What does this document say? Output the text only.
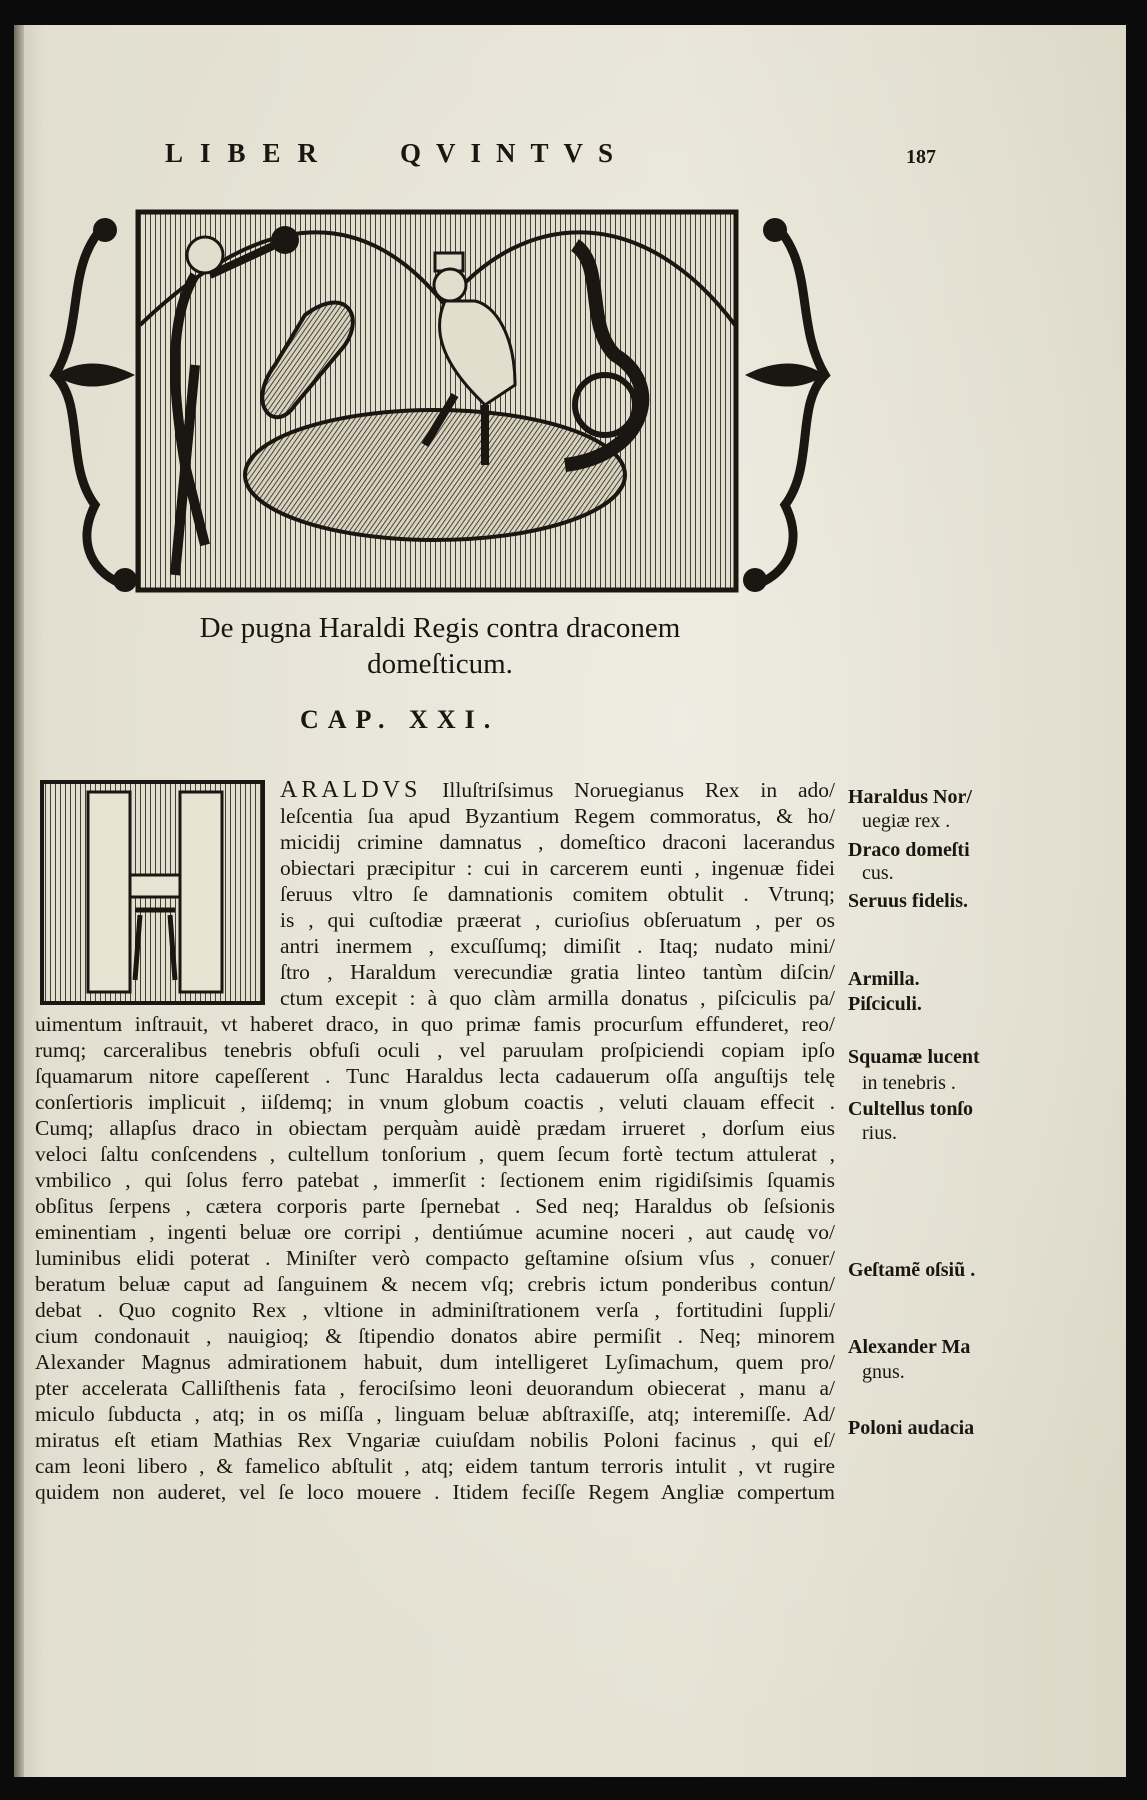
LIBER QVINTVS	187
De pugna Haraldi Regis contra draconem
domeſticum.
CAP. XXI.
ARALDVS Illuſtriſsimus Noruegianus Rex in ado/
leſcentia ſua apud Byzantium Regem commoratus, & ho/
micidij crimine damnatus , domeſtico draconi lacerandus
obiectari præcipitur : cui in carcerem eunti , ingenuæ fidei
ſeruus vltro ſe damnationis comitem obtulit . Vtrunq;
is , qui cuſtodiæ præerat , curioſius obſeruatum , per os
antri inermem , excuſſumq; dimiſit . Itaq; nudato mini/
ſtro , Haraldum verecundiæ gratia linteo tantùm diſcin/
ctum excepit : à quo clàm armilla donatus , piſciculis pa/
uimentum inſtrauit, vt haberet draco, in quo primæ famis procurſum effunderet, reo/
rumq; carceralibus tenebris obfuſi oculi , vel paruulam proſpiciendi copiam ipſo
ſquamarum nitore capeſſerent . Tunc Haraldus lecta cadauerum oſſa anguſtijs telę
conſertioris implicuit , iiſdemq; in vnum globum coactis , veluti clauam effecit .
Cumq; allapſus draco in obiectam perquàm auidè prædam irrueret , dorſum eius
veloci ſaltu conſcendens , cultellum tonſorium , quem ſecum fortè tectum attulerat ,
vmbilico , qui ſolus ferro patebat , immerſit : ſectionem enim rigidiſsimis ſquamis
obſitus ſerpens , cætera corporis parte ſpernebat . Sed neq; Haraldus ob ſeſsionis
eminentiam , ingenti beluæ ore corripi , dentiúmue acumine noceri , aut caudę vo/
luminibus elidi poterat . Miniſter verò compacto geſtamine oſsium vſus , conuer/
beratum beluæ caput ad ſanguinem & necem vſq; crebris ictum ponderibus contun/
debat . Quo cognito Rex , vltione in adminiſtrationem verſa , fortitudini ſuppli/
cium condonauit , nauigioq; & ſtipendio donatos abire permiſit . Neq; minorem
Alexander Magnus admirationem habuit, dum intelligeret Lyſimachum, quem pro/
pter accelerata Calliſthenis fata , ferociſsimo leoni deuorandum obiecerat , manu a/
miculo ſubducta , atq; in os miſſa , linguam beluæ abſtraxiſſe, atq; interemiſſe. Ad/
miratus eſt etiam Mathias Rex Vngariæ cuiuſdam nobilis Poloni facinus , qui eſ/
cam leoni libero , & famelico abſtulit , atq; eidem tantum terroris intulit , vt rugire
quidem non auderet, vel ſe loco mouere . Itidem feciſſe Regem Angliæ compertum
Haraldus Nor/
uegiæ rex .
Draco domeſti
cus.
Seruus fidelis.
Armilla.
Piſciculi.
Squamæ lucent
in tenebris .
Cultellus tonſo
rius.
Geſtamẽ oſsiũ .
Alexander Ma
gnus.
Poloni audacia
